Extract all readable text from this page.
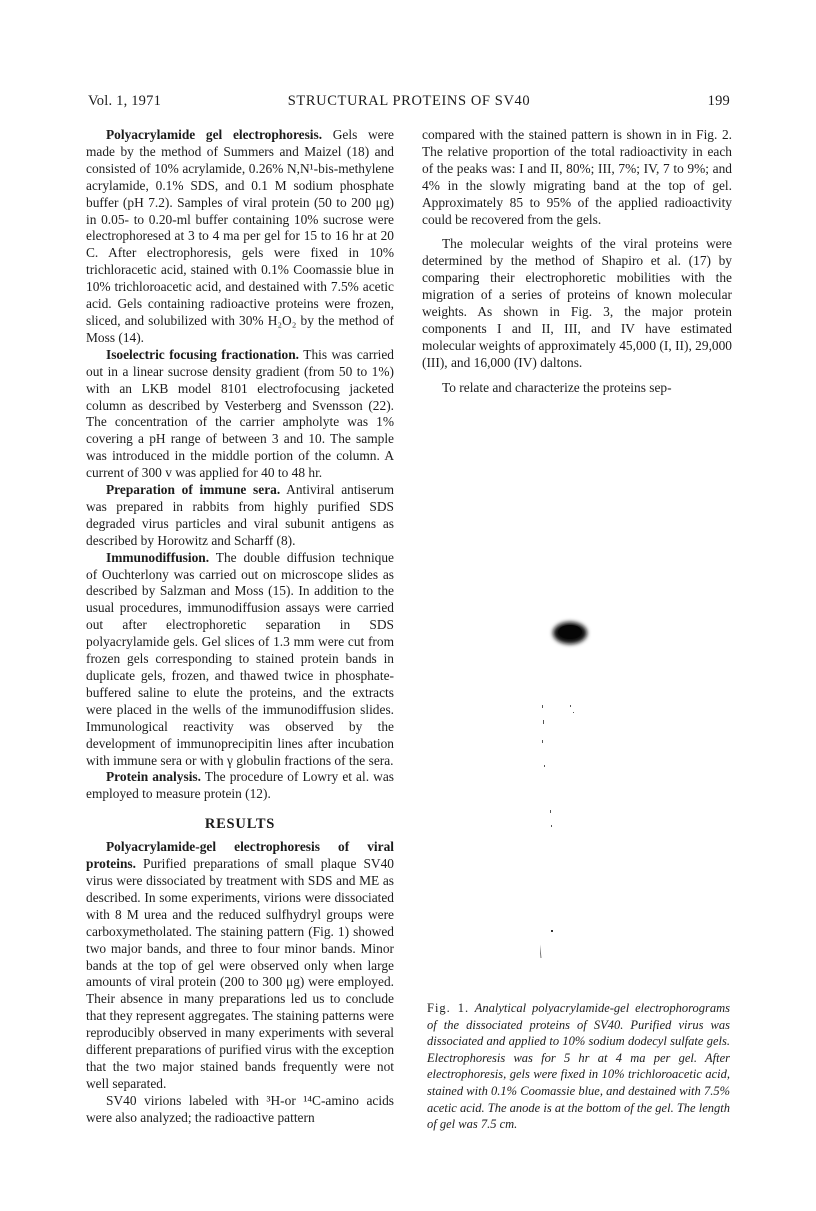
Vol. 1, 1971	STRUCTURAL PROTEINS OF SV40	199

Polyacrylamide gel electrophoresis. Gels were made by the method of Summers and Maizel (18) and consisted of 10% acrylamide, 0.26% N,N¹-bis-methylene acrylamide, 0.1% SDS, and 0.1 M sodium phosphate buffer (pH 7.2). Samples of viral protein (50 to 200 μg) in 0.05- to 0.20-ml buffer containing 10% sucrose were electrophoresed at 3 to 4 ma per gel for 15 to 16 hr at 20 C. After electrophoresis, gels were fixed in 10% trichloracetic acid, stained with 0.1% Coomassie blue in 10% trichloroacetic acid, and destained with 7.5% acetic acid. Gels containing radioactive proteins were frozen, sliced, and solubilized with 30% H₂O₂ by the method of Moss (14).

Isoelectric focusing fractionation. This was carried out in a linear sucrose density gradient (from 50 to 1%) with an LKB model 8101 electrofocusing jacketed column as described by Vesterberg and Svensson (22). The concentration of the carrier ampholyte was 1% covering a pH range of between 3 and 10. The sample was introduced in the middle portion of the column. A current of 300 v was applied for 40 to 48 hr.

Preparation of immune sera. Antiviral antiserum was prepared in rabbits from highly purified SDS degraded virus particles and viral subunit antigens as described by Horowitz and Scharff (8).

Immunodiffusion. The double diffusion technique of Ouchterlony was carried out on microscope slides as described by Salzman and Moss (15). In addition to the usual procedures, immunodiffusion assays were carried out after electrophoretic separation in SDS polyacrylamide gels. Gel slices of 1.3 mm were cut from frozen gels corresponding to stained protein bands in duplicate gels, frozen, and thawed twice in phosphate-buffered saline to elute the proteins, and the extracts were placed in the wells of the immunodiffusion slides. Immunological reactivity was observed by the development of immunoprecipitin lines after incubation with immune sera or with γ globulin fractions of the sera.

Protein analysis. The procedure of Lowry et al. was employed to measure protein (12).

RESULTS

Polyacrylamide-gel electrophoresis of viral proteins. Purified preparations of small plaque SV40 virus were dissociated by treatment with SDS and ME as described. In some experiments, virions were dissociated with 8 M urea and the reduced sulfhydryl groups were carboxymetholated. The staining pattern (Fig. 1) showed two major bands, and three to four minor bands. Minor bands at the top of gel were observed only when large amounts of viral protein (200 to 300 μg) were employed. Their absence in many preparations led us to conclude that they represent aggregates. The staining patterns were reproducibly observed in many experiments with several different preparations of purified virus with the exception that the two major stained bands frequently were not well separated.

SV40 virions labeled with ³H-or ¹⁴C-amino acids were also analyzed; the radioactive pattern

compared with the stained pattern is shown in in Fig. 2. The relative proportion of the total radioactivity in each of the peaks was: I and II, 80%; III, 7%; IV, 7 to 9%; and 4% in the slowly migrating band at the top of gel. Approximately 85 to 95% of the applied radioactivity could be recovered from the gels.

The molecular weights of the viral proteins were determined by the method of Shapiro et al. (17) by comparing their electrophoretic mobilities with the migration of a series of proteins of known molecular weights. As shown in Fig. 3, the major protein components I and II, III, and IV have estimated molecular weights of approximately 45,000 (I, II), 29,000 (III), and 16,000 (IV) daltons.

To relate and characterize the proteins sep-

Fig. 1. Analytical polyacrylamide-gel electrophorograms of the dissociated proteins of SV40. Purified virus was dissociated and applied to 10% sodium dodecyl sulfate gels. Electrophoresis was for 5 hr at 4 ma per gel. After electrophoresis, gels were fixed in 10% trichloroacetic acid, stained with 0.1% Coomassie blue, and destained with 7.5% acetic acid. The anode is at the bottom of the gel. The length of gel was 7.5 cm.
